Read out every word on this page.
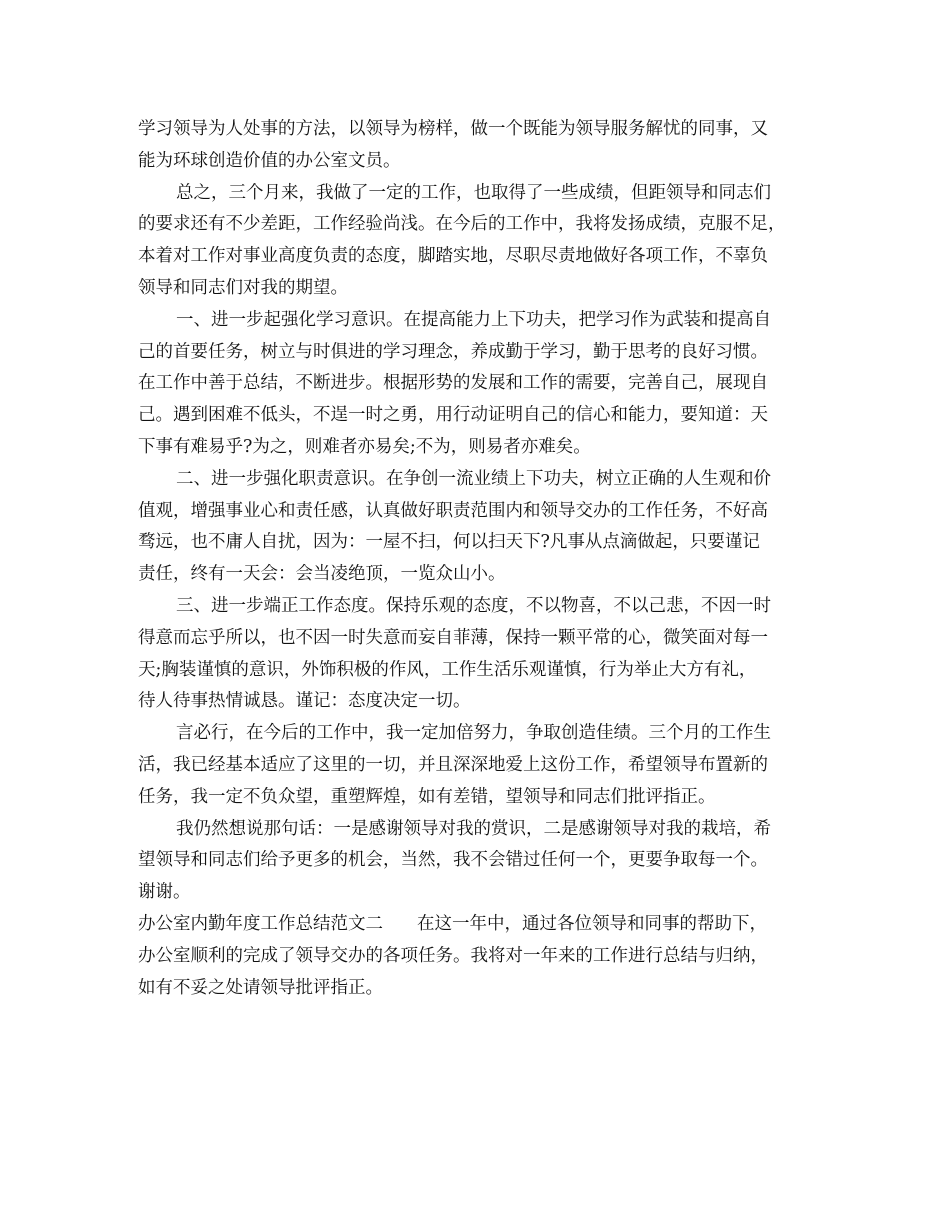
学习领导为人处事的方法，以领导为榜样，做一个既能为领导服务解忧的同事，又
能为环球创造价值的办公室文员。
总之，三个月来，我做了一定的工作，也取得了一些成绩，但距领导和同志们
的要求还有不少差距，工作经验尚浅。在今后的工作中，我将发扬成绩，克服不足，
本着对工作对事业高度负责的态度，脚踏实地，尽职尽责地做好各项工作，不辜负
领导和同志们对我的期望。
一、进一步起强化学习意识。在提高能力上下功夫，把学习作为武装和提高自
己的首要任务，树立与时俱进的学习理念，养成勤于学习，勤于思考的良好习惯。
在工作中善于总结，不断进步。根据形势的发展和工作的需要，完善自己，展现自
己。遇到困难不低头，不逞一时之勇，用行动证明自己的信心和能力，要知道：天
下事有难易乎?为之，则难者亦易矣;不为，则易者亦难矣。
二、进一步强化职责意识。在争创一流业绩上下功夫，树立正确的人生观和价
值观，增强事业心和责任感，认真做好职责范围内和领导交办的工作任务，不好高
骛远，也不庸人自扰，因为：一屋不扫，何以扫天下?凡事从点滴做起，只要谨记
责任，终有一天会：会当凌绝顶，一览众山小。
三、进一步端正工作态度。保持乐观的态度，不以物喜，不以己悲，不因一时
得意而忘乎所以，也不因一时失意而妄自菲薄，保持一颗平常的心，微笑面对每一
天;胸装谨慎的意识，外饰积极的作风，工作生活乐观谨慎，行为举止大方有礼，
待人待事热情诚恳。谨记：态度决定一切。
言必行，在今后的工作中，我一定加倍努力，争取创造佳绩。三个月的工作生
活，我已经基本适应了这里的一切，并且深深地爱上这份工作，希望领导布置新的
任务，我一定不负众望，重塑辉煌，如有差错，望领导和同志们批评指正。
我仍然想说那句话：一是感谢领导对我的赏识，二是感谢领导对我的栽培，希
望领导和同志们给予更多的机会，当然，我不会错过任何一个，更要争取每一个。
谢谢。
办公室内勤年度工作总结范文二 在这一年中，通过各位领导和同事的帮助下，
办公室顺利的完成了领导交办的各项任务。我将对一年来的工作进行总结与归纳，
如有不妥之处请领导批评指正。
